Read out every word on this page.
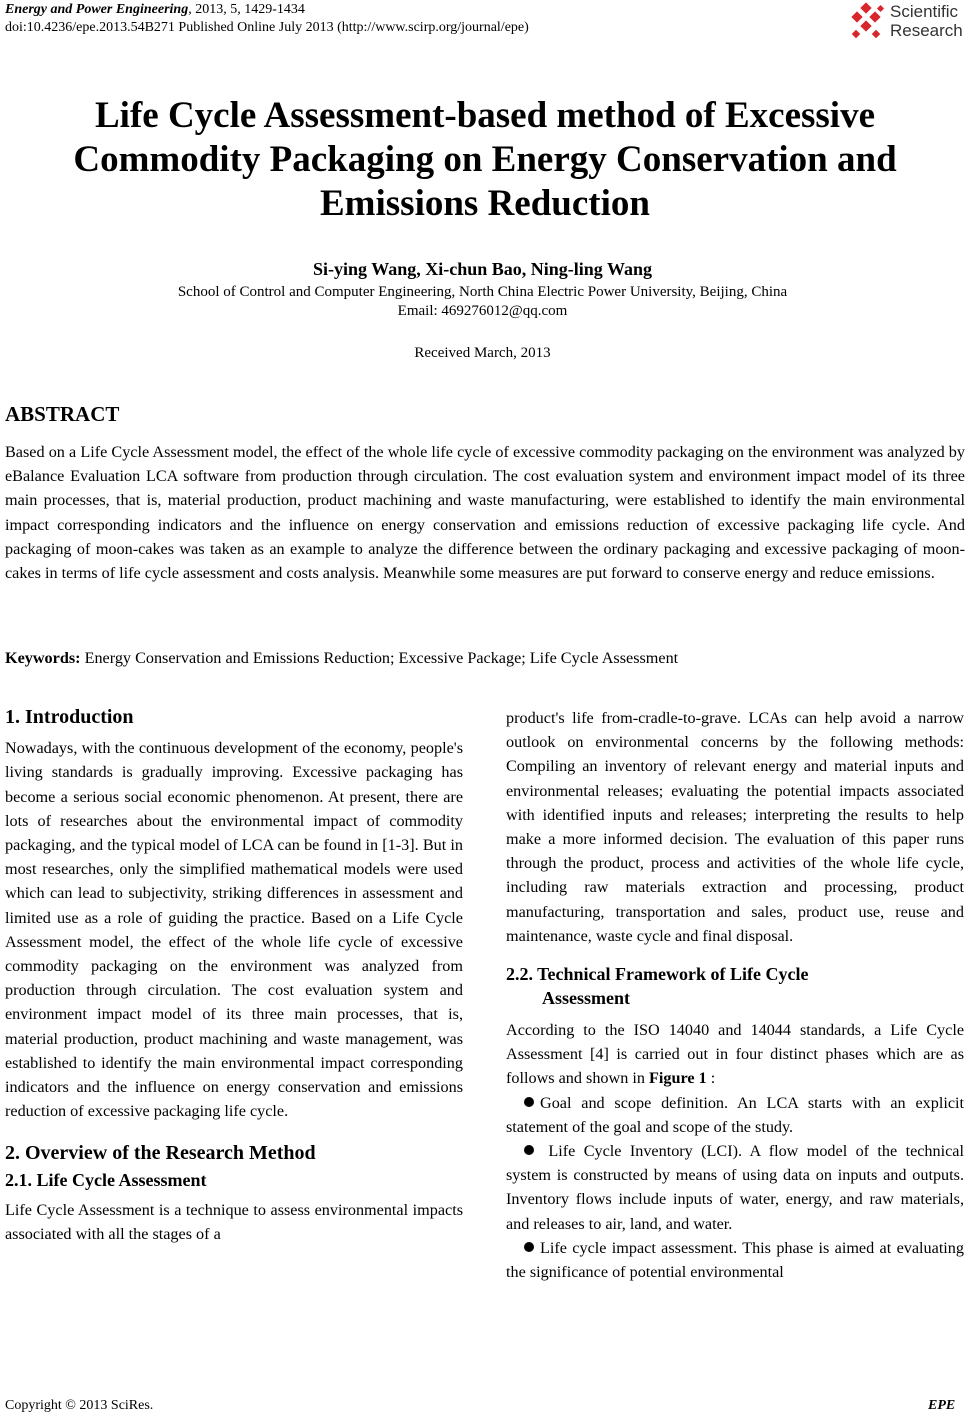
Energy and Power Engineering, 2013, 5, 1429-1434
doi:10.4236/epe.2013.54B271 Published Online July 2013 (http://www.scirp.org/journal/epe)
Scientific
Research
Life Cycle Assessment-based method of Excessive Commodity Packaging on Energy Conservation and Emissions Reduction
Si-ying Wang, Xi-chun Bao, Ning-ling Wang
School of Control and Computer Engineering, North China Electric Power University, Beijing, China
Email: 469276012@qq.com
Received March, 2013
ABSTRACT
Based on a Life Cycle Assessment model, the effect of the whole life cycle of excessive commodity packaging on the environment was analyzed by eBalance Evaluation LCA software from production through circulation. The cost evaluation system and environment impact model of its three main processes, that is, material production, product machining and waste manufacturing, were established to identify the main environmental impact corresponding indicators and the influence on energy conservation and emissions reduction of excessive packaging life cycle. And packaging of moon-cakes was taken as an example to analyze the difference between the ordinary packaging and excessive packaging of moon-cakes in terms of life cycle assessment and costs analysis. Meanwhile some measures are put forward to conserve energy and reduce emissions.
Keywords: Energy Conservation and Emissions Reduction; Excessive Package; Life Cycle Assessment

1. Introduction

Nowadays, with the continuous development of the economy, people's living standards is gradually improving. Excessive packaging has become a serious social economic phenomenon. At present, there are lots of researches about the environmental impact of commodity packaging, and the typical model of LCA can be found in [1-3]. But in most researches, only the simplified mathematical models were used which can lead to subjectivity, striking differences in assessment and limited use as a role of guiding the practice. Based on a Life Cycle Assessment model, the effect of the whole life cycle of excessive commodity packaging on the environment was analyzed from production through circulation. The cost evaluation system and environment impact model of its three main processes, that is, material production, product machining and waste management, was established to identify the main environmental impact corresponding indicators and the influence on energy conservation and emissions reduction of excessive packaging life cycle.

2. Overview of the Research Method

2.1. Life Cycle Assessment

Life Cycle Assessment is a technique to assess environmental impacts associated with all the stages of a

product's life from-cradle-to-grave. LCAs can help avoid a narrow outlook on environmental concerns by the following methods: Compiling an inventory of relevant energy and material inputs and environmental releases; evaluating the potential impacts associated with identified inputs and releases; interpreting the results to help make a more informed decision. The evaluation of this paper runs through the product, process and activities of the whole life cycle, including raw materials extraction and processing, product manufacturing, transportation and sales, product use, reuse and maintenance, waste cycle and final disposal.

2.2. Technical Framework of Life Cycle
Assessment

According to the ISO 14040 and 14044 standards, a Life Cycle Assessment [4] is carried out in four distinct phases which are as follows and shown in Figure 1 :

Goal and scope definition. An LCA starts with an explicit statement of the goal and scope of the study.

Life Cycle Inventory (LCI). A flow model of the technical system is constructed by means of using data on inputs and outputs. Inventory flows include inputs of water, energy, and raw materials, and releases to air, land, and water.

Life cycle impact assessment. This phase is aimed at evaluating the significance of potential environmental

Copyright © 2013 SciRes.	EPE
